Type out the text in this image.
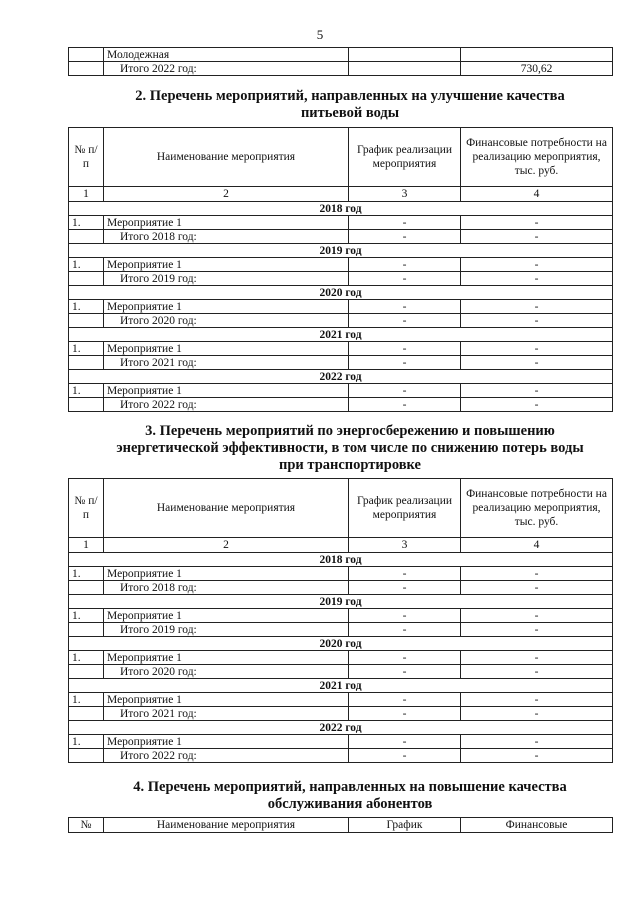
5
	Молодежная		
	Итого 2022 год:		730,62
2. Перечень мероприятий, направленных на улучшение качества
питьевой воды
№ п/п	Наименование мероприятия	График реализации мероприятия	Финансовые потребности на реализацию мероприятия, тыс. руб.
1	2	3	4
2018 год			
1.	Мероприятие 1	-	-
	Итого 2018 год:	-	-
2019 год			
1.	Мероприятие 1	-	-
	Итого 2019 год:	-	-
2020 год			
1.	Мероприятие 1	-	-
	Итого 2020 год:	-	-
2021 год			
1.	Мероприятие 1	-	-
	Итого 2021 год:	-	-
2022 год			
1.	Мероприятие 1	-	-
	Итого 2022 год:	-	-
3. Перечень мероприятий по энергосбережению и повышению
энергетической эффективности, в том числе по снижению потерь воды
при транспортировке
№ п/п	Наименование мероприятия	График реализации мероприятия	Финансовые потребности на реализацию мероприятия, тыс. руб.
1	2	3	4
2018 год			
1.	Мероприятие 1	-	-
	Итого 2018 год:	-	-
2019 год			
1.	Мероприятие 1	-	-
	Итого 2019 год:	-	-
2020 год			
1.	Мероприятие 1	-	-
	Итого 2020 год:	-	-
2021 год			
1.	Мероприятие 1	-	-
	Итого 2021 год:	-	-
2022 год			
1.	Мероприятие 1	-	-
	Итого 2022 год:	-	-
4. Перечень мероприятий, направленных на повышение качества
обслуживания абонентов
№	Наименование мероприятия	График	Финансовые
